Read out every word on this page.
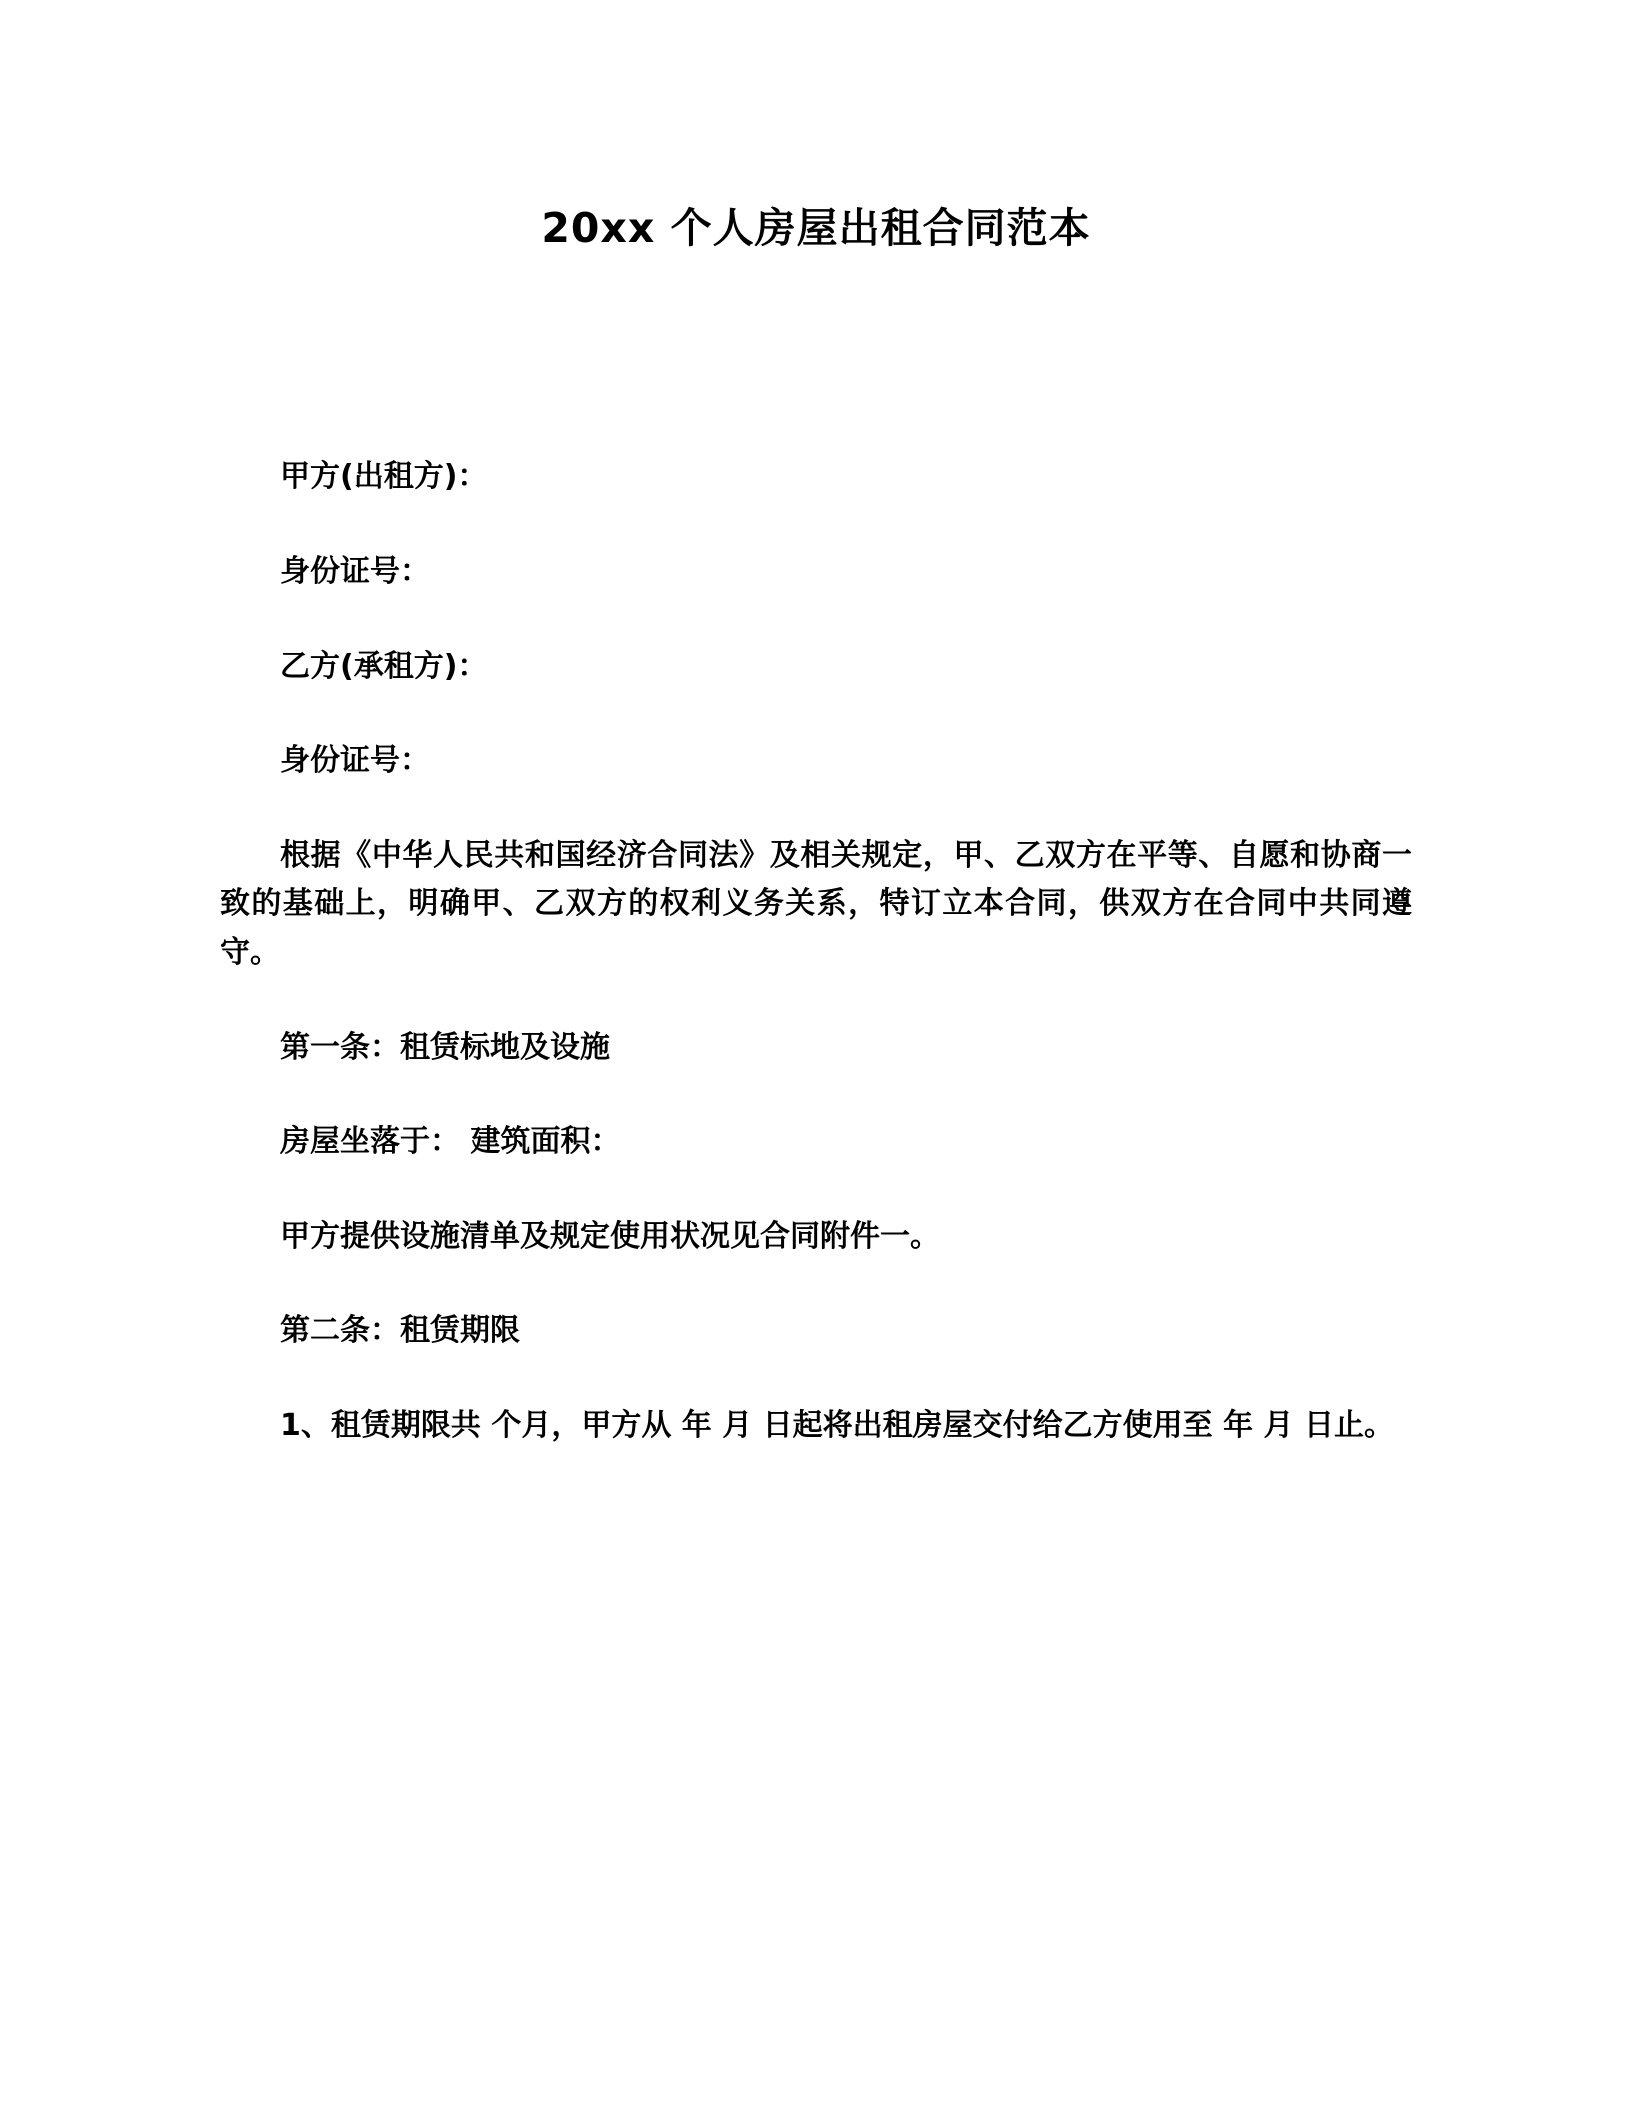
20xx 个人房屋出租合同范本

甲方(出租方)：

身份证号：

乙方(承租方)：

身份证号：

根据《中华人民共和国经济合同法》及相关规定，甲、乙双方在平等、自愿和协商一致的基础上，明确甲、乙双方的权利义务关系，特订立本合同，供双方在合同中共同遵守。

第一条：租赁标地及设施

房屋坐落于： 建筑面积：

甲方提供设施清单及规定使用状况见合同附件一。

第二条：租赁期限

1、租赁期限共 个月，甲方从 年 月 日起将出租房屋交付给乙方使用至 年 月 日止。
